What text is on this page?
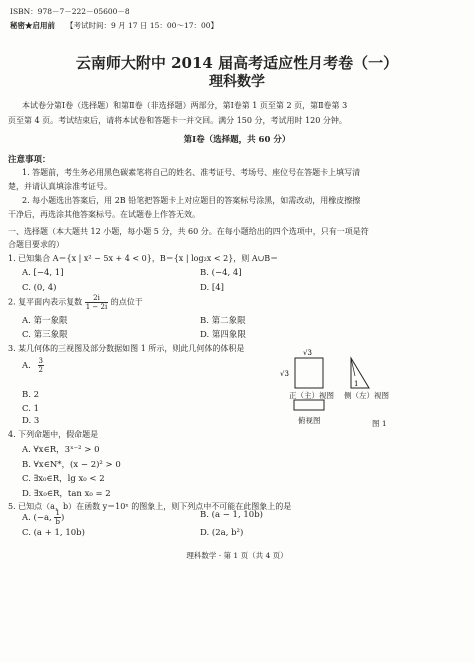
ISBN：978－7－222－05600－8
秘密★启用前 【考试时间：9 月 17 日 15：00～17：00】
云南师大附中 2014 届高考适应性月考卷（一）
理科数学
本试卷分第Ⅰ卷（选择题）和第Ⅱ卷（非选择题）两部分，第Ⅰ卷第 1 页至第 2 页，第Ⅱ卷第 3
页至第 4 页。考试结束后，请将本试卷和答题卡一并交回。满分 150 分，考试用时 120 分钟。
第Ⅰ卷（选择题，共 60 分）
注意事项：
1. 答题前，考生务必用黑色碳素笔将自己的姓名、准考证号、考场号、座位号在答题卡上填写清
楚，并请认真填涂准考证号。
2. 每小题选出答案后，用 2B 铅笔把答题卡上对应题目的答案标号涂黑，如需改动，用橡皮擦擦
干净后，再选涂其他答案标号。在试题卷上作答无效。
一、选择题（本大题共 12 小题，每小题 5 分，共 60 分。在每小题给出的四个选项中，只有一项是符
合题目要求的）
1. 已知集合 A＝{x | x² − 5x + 4 < 0}，B＝{x | log₂x < 2}，则 A∪B＝
A. [−4, 1]	B. (−4, 4]
C. (0, 4)	D. [4]
2. 复平面内表示复数 $\frac{2i}{1 - 2i}$ 的点位于
A. 第一象限	B. 第二象限
C. 第三象限	D. 第四象限
3. 某几何体的三视图及部分数据如图 1 所示，则此几何体的体积是
A. $\frac{3}{2}$
B. 2
C. 1
D. 3
√3
√3
1
正（主）视图 侧（左）视图
俯视图	图 1
4. 下列命题中，假命题是
A. ∀x∈R，3ˣ⁻² > 0
B. ∀x∈N*，(x − 2)² > 0
C. ∃x₀∈R，lg x₀ < 2
D. ∃x₀∈R，tan x₀ = 2
5. 已知点（a，b）在函数 y＝10ˣ 的图象上，则下列点中不可能在此图象上的是
A. (−a, $\frac{1}{b}$ )	B. (a − 1, 10b)
C. (a + 1, 10b)	D. (2a, b²)
理科数学 · 第 1 页（共 4 页）
